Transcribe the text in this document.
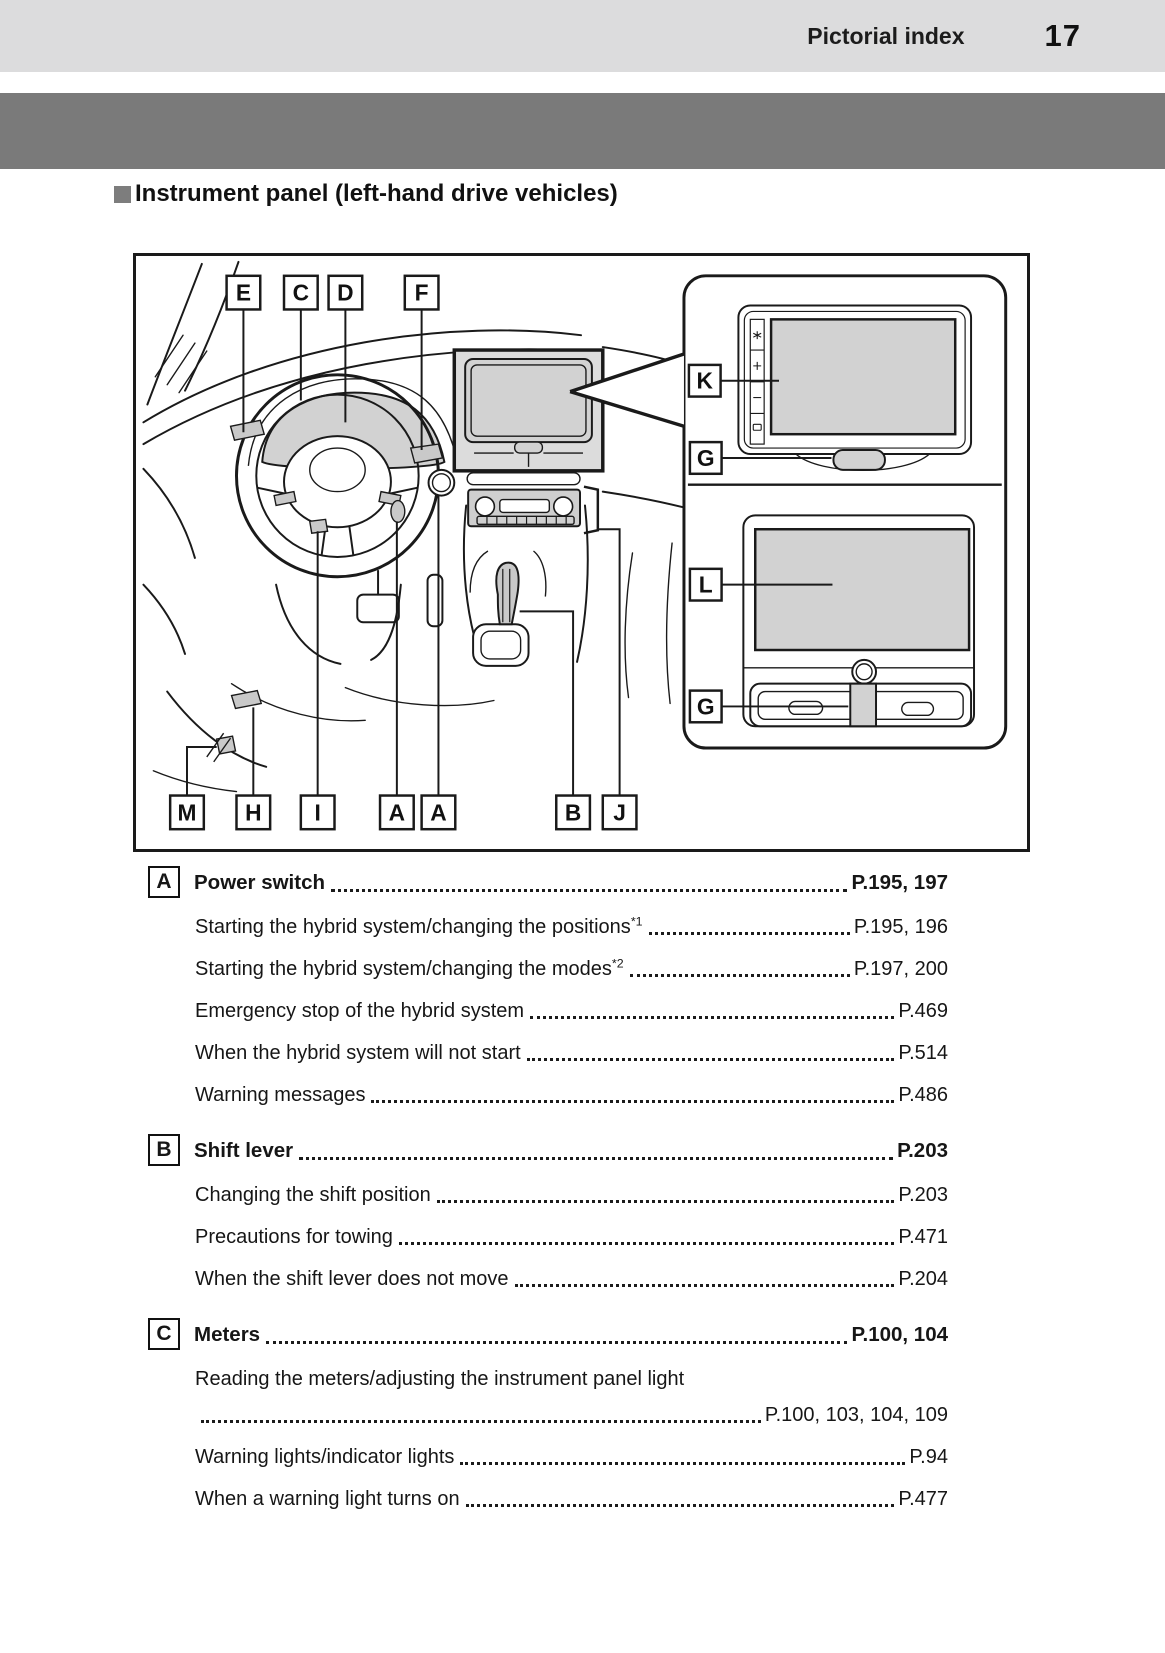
Pictorial index	17
Instrument panel (left-hand drive vehicles)
E C D	F
M H I	A A	B J
K
G
L
G
A	Power switch	P.195, 197
Starting the hybrid system/changing the positions$^{*1}$	P.195, 196
Starting the hybrid system/changing the modes$^{*2}$	P.197, 200
Emergency stop of the hybrid system	P.469
When the hybrid system will not start	P.514
Warning messages	P.486
B	Shift lever	P.203
Changing the shift position	P.203
Precautions for towing	P.471
When the shift lever does not move	P.204
C	Meters	P.100, 104
Reading the meters/adjusting the instrument panel light
P.100, 103, 104, 109
Warning lights/indicator lights	P.94
When a warning light turns on	P.477
